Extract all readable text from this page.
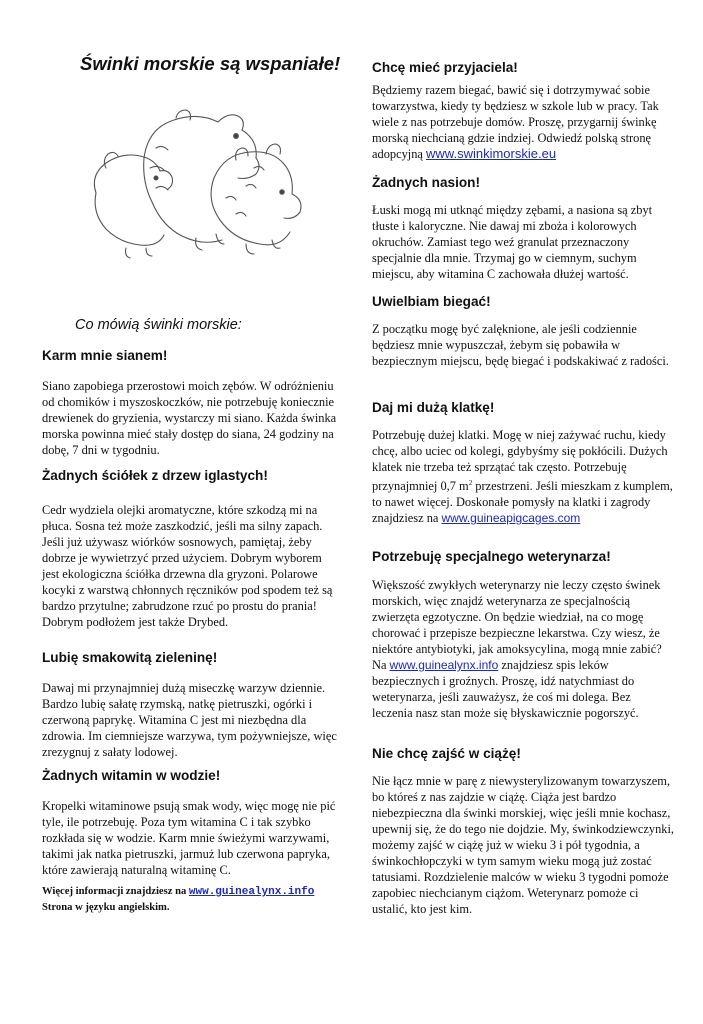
Świnki morskie są wspaniałe!
Co mówią świnki morskie:
Karm mnie sianem!
Siano zapobiega przerostowi moich zębów. W odróżnieniu od chomików i myszoskoczków, nie potrzebuję koniecznie drewienek do gryzienia, wystarczy mi siano. Każda świnka morska powinna mieć stały dostęp do siana, 24 godziny na dobę, 7 dni w tygodniu.
Żadnych ściółek z drzew iglastych!
Cedr wydziela olejki aromatyczne, które szkodzą mi na płuca. Sosna też może zaszkodzić, jeśli ma silny zapach. Jeśli już używasz wiórków sosnowych, pamiętaj, żeby dobrze je wywietrzyć przed użyciem. Dobrym wyborem jest ekologiczna ściółka drzewna dla gryzoni. Polarowe kocyki z warstwą chłonnych ręczników pod spodem też są bardzo przytulne; zabrudzone rzuć po prostu do prania! Dobrym podłożem jest także Drybed.
Lubię smakowitą zieleninę!
Dawaj mi przynajmniej dużą miseczkę warzyw dziennie. Bardzo lubię sałatę rzymską, natkę pietruszki, ogórki i czerwoną paprykę. Witamina C jest mi niezbędna dla zdrowia. Im ciemniejsze warzywa, tym pożywniejsze, więc zrezygnuj z sałaty lodowej.
Żadnych witamin w wodzie!
Kropelki witaminowe psują smak wody, więc mogę nie pić tyle, ile potrzebuję. Poza tym witamina C i tak szybko rozkłada się w wodzie. Karm mnie świeżymi warzywami, takimi jak natka pietruszki, jarmuż lub czerwona papryka, które zawierają naturalną witaminę C.
Więcej informacji znajdziesz na www.guinealynx.info
Strona w języku angielskim.
Chcę mieć przyjaciela!
Będziemy razem biegać, bawić się i dotrzymywać sobie towarzystwa, kiedy ty będziesz w szkole lub w pracy. Tak wiele z nas potrzebuje domów. Proszę, przygarnij świnkę morską niechcianą gdzie indziej. Odwiedź polską stronę adopcyjną www.swinkimorskie.eu
Żadnych nasion!
Łuski mogą mi utknąć między zębami, a nasiona są zbyt tłuste i kaloryczne. Nie dawaj mi zboża i kolorowych okruchów. Zamiast tego weź granulat przeznaczony specjalnie dla mnie. Trzymaj go w ciemnym, suchym miejscu, aby witamina C zachowała dłużej wartość.
Uwielbiam biegać!
Z początku mogę być zalęknione, ale jeśli codziennie będziesz mnie wypuszczał, żebym się pobawiła w bezpiecznym miejscu, będę biegać i podskakiwać z radości.
Daj mi dużą klatkę!
Potrzebuję dużej klatki. Mogę w niej zażywać ruchu, kiedy chcę, albo uciec od kolegi, gdybyśmy się pokłócili. Dużych klatek nie trzeba też sprzątać tak często. Potrzebuję przynajmniej 0,7 $m^2$ przestrzeni. Jeśli mieszkam z kumplem, to nawet więcej. Doskonałe pomysły na klatki i zagrody znajdziesz na www.guineapigcages.com
Potrzebuję specjalnego weterynarza!
Większość zwykłych weterynarzy nie leczy często świnek morskich, więc znajdź weterynarza ze specjalnością zwierzęta egzotyczne. On będzie wiedział, na co mogę chorować i przepisze bezpieczne lekarstwa. Czy wiesz, że niektóre antybiotyki, jak amoksycylina, mogą mnie zabić? Na www.guinealynx.info znajdziesz spis leków bezpiecznych i groźnych. Proszę, idź natychmiast do weterynarza, jeśli zauważysz, że coś mi dolega. Bez leczenia nasz stan może się błyskawicznie pogorszyć.
Nie chcę zajść w ciążę!
Nie łącz mnie w parę z niewysterylizowanym towarzyszem, bo któreś z nas zajdzie w ciążę. Ciąża jest bardzo niebezpieczna dla świnki morskiej, więc jeśli mnie kochasz, upewnij się, że do tego nie dojdzie. My, świnkodziewczynki, możemy zajść w ciążę już w wieku 3 i pół tygodnia, a świnkochłopczyki w tym samym wieku mogą już zostać tatusiami. Rozdzielenie malców w wieku 3 tygodni pomoże zapobiec niechcianym ciążom. Weterynarz pomoże ci ustalić, kto jest kim.
